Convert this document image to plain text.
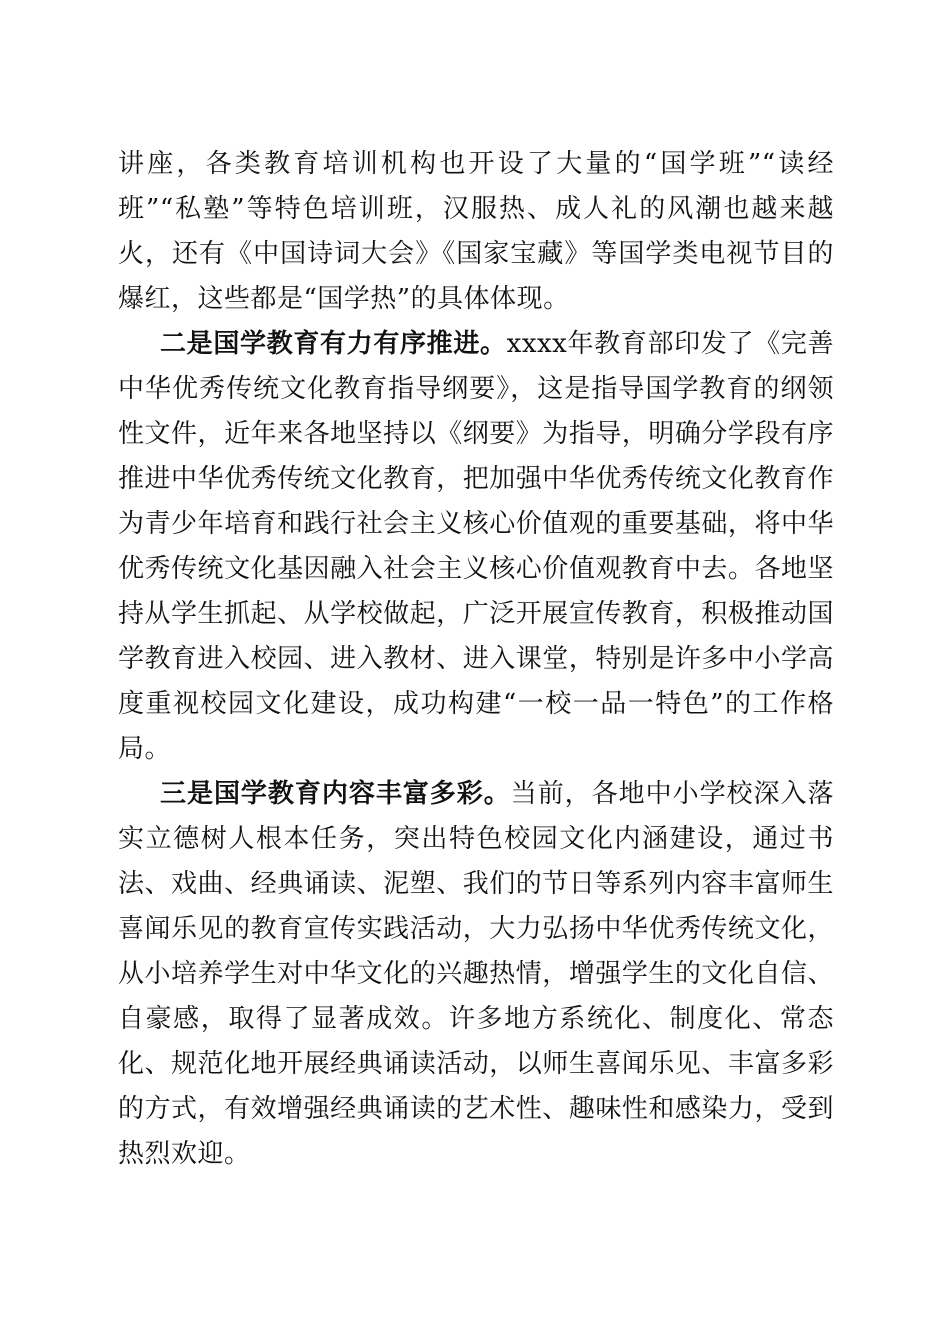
讲座，各类教育培训机构也开设了大量的“国学班”“读经班”“私塾”等特色培训班，汉服热、成人礼的风潮也越来越火，还有《中国诗词大会》《国家宝藏》等国学类电视节目的爆红，这些都是“国学热”的具体体现。

二是国学教育有力有序推进。xxxx年教育部印发了《完善中华优秀传统文化教育指导纲要》，这是指导国学教育的纲领性文件，近年来各地坚持以《纲要》为指导，明确分学段有序推进中华优秀传统文化教育，把加强中华优秀传统文化教育作为青少年培育和践行社会主义核心价值观的重要基础，将中华优秀传统文化基因融入社会主义核心价值观教育中去。各地坚持从学生抓起、从学校做起，广泛开展宣传教育，积极推动国学教育进入校园、进入教材、进入课堂，特别是许多中小学高度重视校园文化建设，成功构建“一校一品一特色”的工作格局。

三是国学教育内容丰富多彩。当前，各地中小学校深入落实立德树人根本任务，突出特色校园文化内涵建设，通过书法、戏曲、经典诵读、泥塑、我们的节日等系列内容丰富师生喜闻乐见的教育宣传实践活动，大力弘扬中华优秀传统文化，从小培养学生对中华文化的兴趣热情，增强学生的文化自信、自豪感，取得了显著成效。许多地方系统化、制度化、常态化、规范化地开展经典诵读活动，以师生喜闻乐见、丰富多彩的方式，有效增强经典诵读的艺术性、趣味性和感染力，受到热烈欢迎。
